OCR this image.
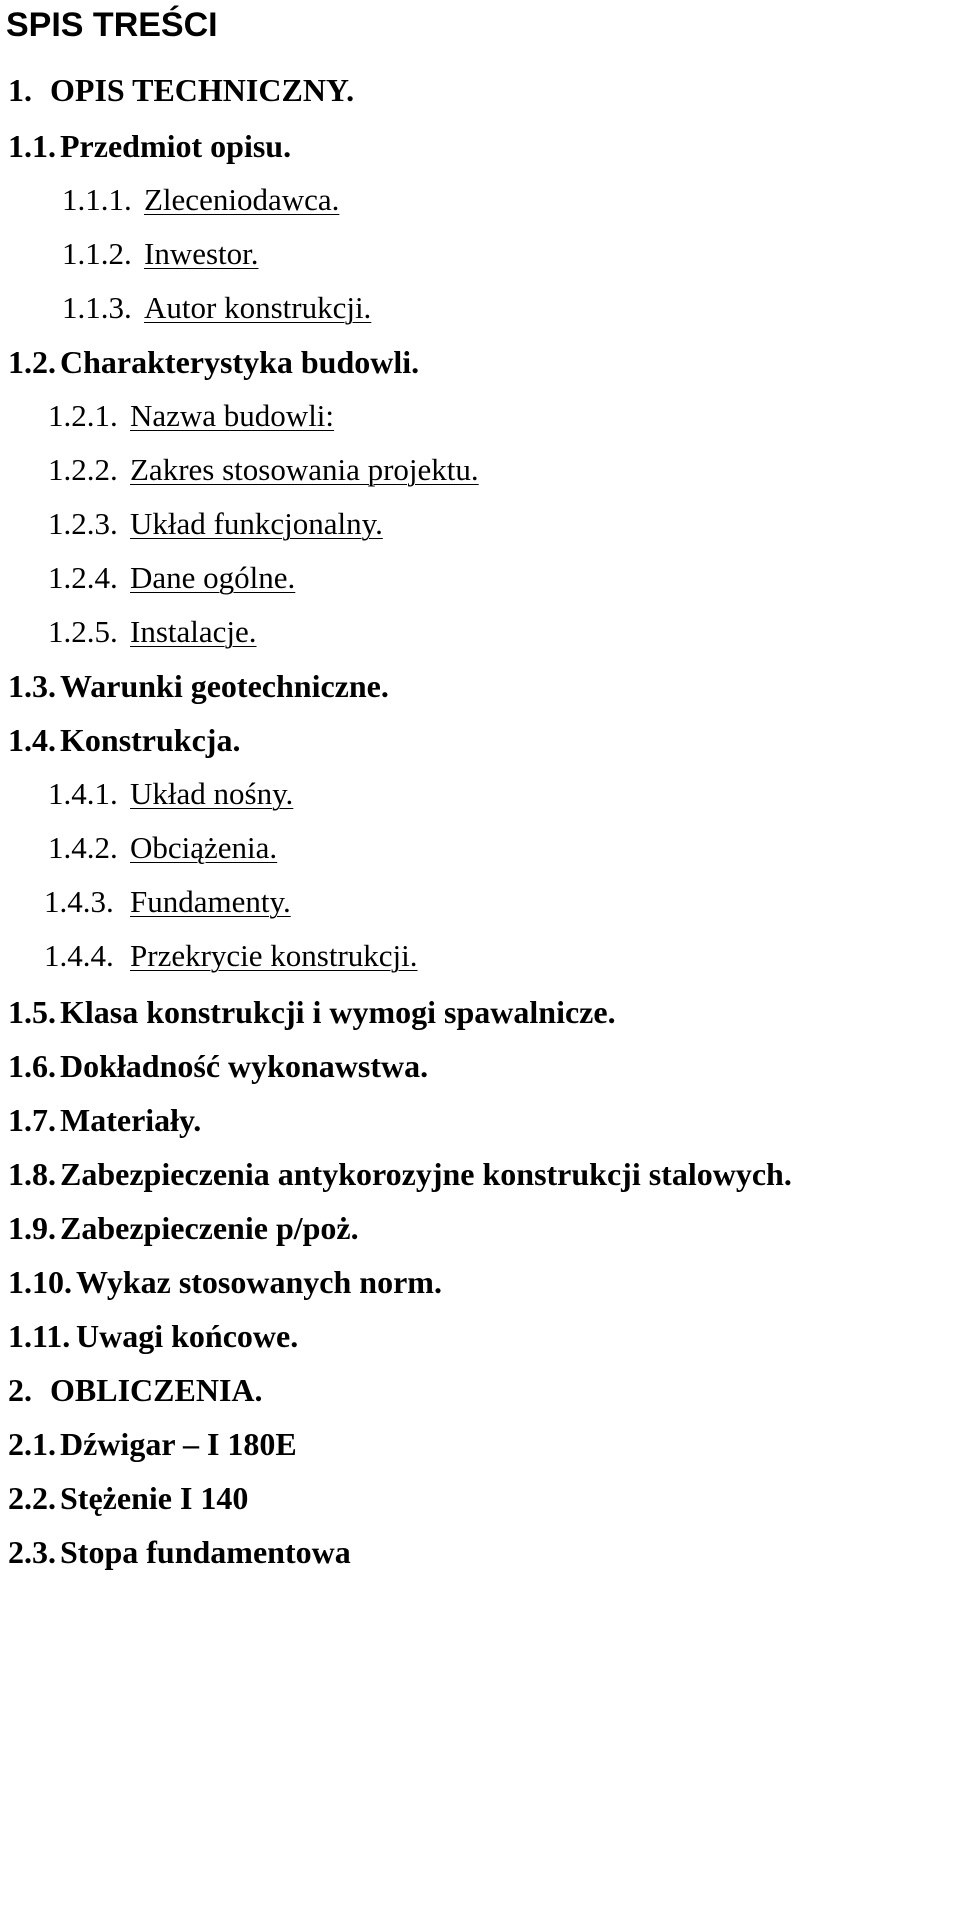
SPIS TREŚCI
1. OPIS TECHNICZNY.
1.1. Przedmiot opisu.
1.1.1. Zleceniodawca.
1.1.2. Inwestor.
1.1.3. Autor konstrukcji.
1.2. Charakterystyka budowli.
1.2.1. Nazwa budowli:
1.2.2. Zakres stosowania projektu.
1.2.3. Układ funkcjonalny.
1.2.4. Dane ogólne.
1.2.5. Instalacje.
1.3. Warunki geotechniczne.
1.4. Konstrukcja.
1.4.1. Układ nośny.
1.4.2. Obciążenia.
1.4.3. Fundamenty.
1.4.4. Przekrycie konstrukcji.
1.5. Klasa konstrukcji i wymogi spawalnicze.
1.6. Dokładność wykonawstwa.
1.7. Materiały.
1.8. Zabezpieczenia antykorozyjne konstrukcji stalowych.
1.9. Zabezpieczenie p/poż.
1.10. Wykaz stosowanych norm.
1.11. Uwagi końcowe.
2. OBLICZENIA.
2.1. Dźwigar – I 180E
2.2. Stężenie I 140
2.3. Stopa fundamentowa
